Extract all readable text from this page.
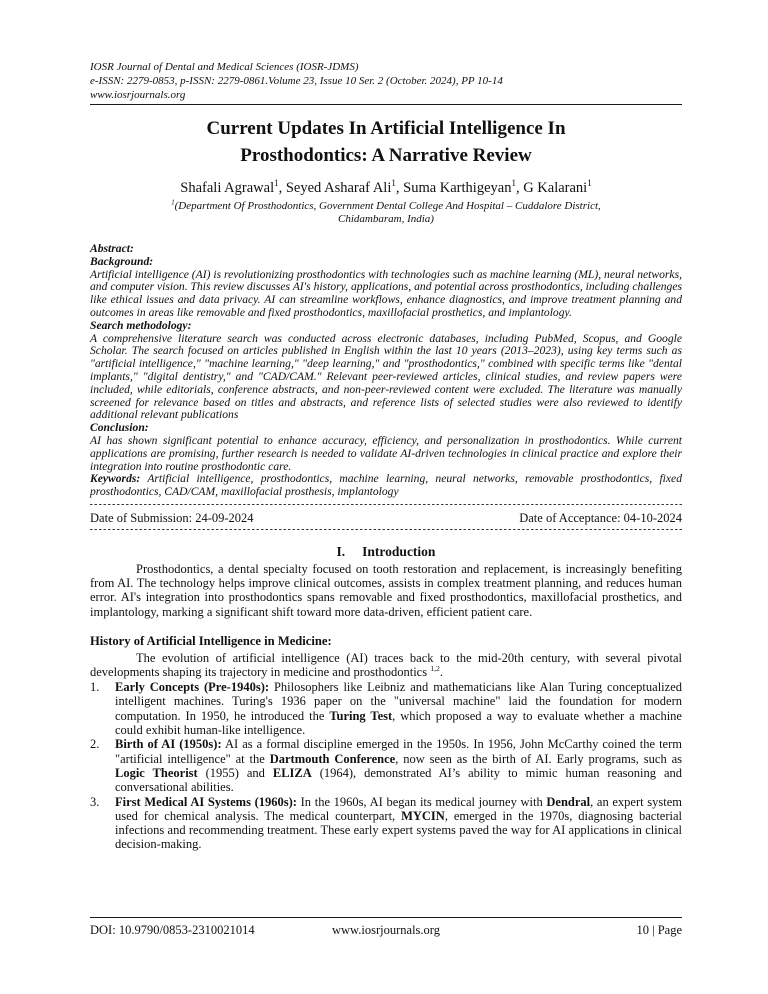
IOSR Journal of Dental and Medical Sciences (IOSR-JDMS)
e-ISSN: 2279-0853, p-ISSN: 2279-0861.Volume 23, Issue 10 Ser. 2 (October. 2024), PP 10-14
www.iosrjournals.org
Current Updates In Artificial Intelligence In
Prosthodontics: A Narrative Review
Shafali Agrawal$^1$, Seyed Asharaf Ali$^1$, Suma Karthigeyan$^1$, G Kalarani$^1$
$^1$(Department Of Prosthodontics, Government Dental College And Hospital – Cuddalore District,
Chidambaram, India)

Abstract:

Background:

Artificial intelligence (AI) is revolutionizing prosthodontics with technologies such as machine learning (ML), neural networks, and computer vision. This review discusses AI's history, applications, and potential across prosthodontics, including challenges like ethical issues and data privacy. AI can streamline workflows, enhance diagnostics, and improve treatment planning and outcomes in areas like removable and fixed prosthodontics, maxillofacial prosthetics, and implantology.

Search methodology:

A comprehensive literature search was conducted across electronic databases, including PubMed, Scopus, and Google Scholar. The search focused on articles published in English within the last 10 years (2013–2023), using key terms such as "artificial intelligence," "machine learning," "deep learning," and "prosthodontics," combined with specific terms like "dental implants," "digital dentistry," and "CAD/CAM." Relevant peer-reviewed articles, clinical studies, and review papers were included, while editorials, conference abstracts, and non-peer-reviewed content were excluded. The literature was manually screened for relevance based on titles and abstracts, and reference lists of selected studies were also reviewed to identify additional relevant publications

Conclusion:

AI has shown significant potential to enhance accuracy, efficiency, and personalization in prosthodontics. While current applications are promising, further research is needed to validate AI-driven technologies in clinical practice and explore their integration into routine prosthodontic care.

Keywords: Artificial intelligence, prosthodontics, machine learning, neural networks, removable prosthodontics, fixed prosthodontics, CAD/CAM, maxillofacial prosthesis, implantology

Date of Submission: 24-09-2024	Date of Acceptance: 04-10-2024
I. Introduction

Prosthodontics, a dental specialty focused on tooth restoration and replacement, is increasingly benefiting from AI. The technology helps improve clinical outcomes, assists in complex treatment planning, and reduces human error. AI's integration into prosthodontics spans removable and fixed prosthodontics, maxillofacial prosthetics, and implantology, marking a significant shift toward more data-driven, efficient patient care.

History of Artificial Intelligence in Medicine:

The evolution of artificial intelligence (AI) traces back to the mid-20th century, with several pivotal developments shaping its trajectory in medicine and prosthodontics $^{1,2}$.

1.	Early Concepts (Pre-1940s): Philosophers like Leibniz and mathematicians like Alan Turing conceptualized intelligent machines. Turing's 1936 paper on the "universal machine" laid the foundation for modern computation. In 1950, he introduced the Turing Test, which proposed a way to evaluate whether a machine could exhibit human-like intelligence.
2.	Birth of AI (1950s): AI as a formal discipline emerged in the 1950s. In 1956, John McCarthy coined the term "artificial intelligence" at the Dartmouth Conference, now seen as the birth of AI. Early programs, such as Logic Theorist (1955) and ELIZA (1964), demonstrated AI’s ability to mimic human reasoning and conversational abilities.
3.	First Medical AI Systems (1960s): In the 1960s, AI began its medical journey with Dendral, an expert system used for chemical analysis. The medical counterpart, MYCIN, emerged in the 1970s, diagnosing bacterial infections and recommending treatment. These early expert systems paved the way for AI applications in clinical decision-making.
DOI: 10.9790/0853-2310021014	www.iosrjournals.org	10 | Page
